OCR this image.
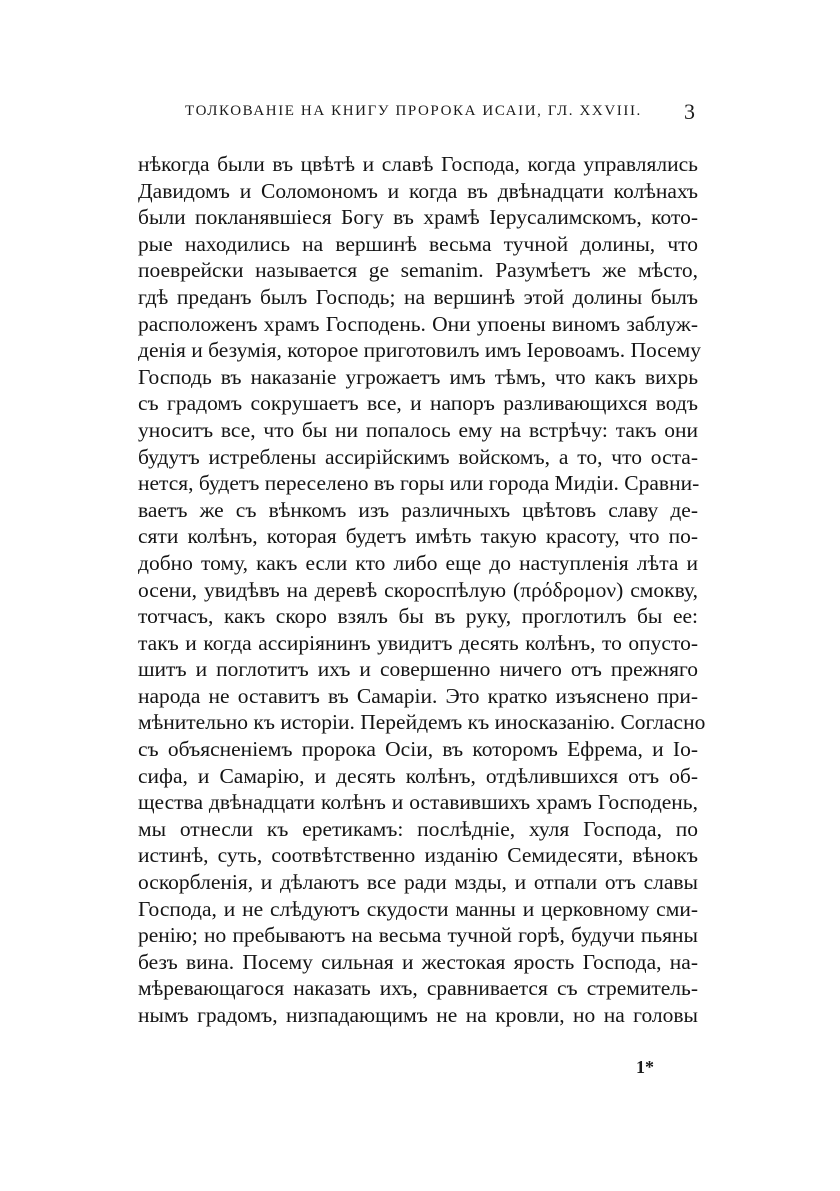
ТОЛКОВАНІЕ НА КНИГУ ПРОРОКА ИСАІИ, ГЛ. XXVIII. 3
нѣкогда были въ цвѣтѣ и славѣ Господа, когда управлялись
Давидомъ и Соломономъ и когда въ двѣнадцати колѣнахъ
были покланявшіеся Богу въ храмѣ Іерусалимскомъ, кото-
рые находились на вершинѣ весьма тучной долины, что
поеврейски называется ge semanim. Разумѣетъ же мѣсто,
гдѣ преданъ былъ Господь; на вершинѣ этой долины былъ
расположенъ храмъ Господень. Они упоены виномъ заблуж-
денія и безумія, которое приготовилъ имъ Іеровоамъ. Посему
Господь въ наказаніе угрожаетъ имъ тѣмъ, что какъ вихрь
съ градомъ сокрушаетъ все, и напоръ разливающихся водъ
уноситъ все, что бы ни попалось ему на встрѣчу: такъ они
будутъ истреблены ассирійскимъ войскомъ, а то, что оста-
нется, будетъ переселено въ горы или города Мидіи. Сравни-
ваетъ же съ вѣнкомъ изъ различныхъ цвѣтовъ славу де-
сяти колѣнъ, которая будетъ имѣть такую красоту, что по-
добно тому, какъ если кто либо еще до наступленія лѣта и
осени, увидѣвъ на деревѣ скороспѣлую (πρόδρομον) смокву,
тотчасъ, какъ скоро взялъ бы въ руку, проглотилъ бы ее:
такъ и когда ассиріянинъ увидитъ десять колѣнъ, то опусто-
шитъ и поглотитъ ихъ и совершенно ничего отъ прежняго
народа не оставитъ въ Самаріи. Это кратко изъяснено при-
мѣнительно къ исторіи. Перейдемъ къ иносказанію. Согласно
съ объясненіемъ пророка Осіи, въ которомъ Ефрема, и Іо-
сифа, и Самарію, и десять колѣнъ, отдѣлившихся отъ об-
щества двѣнадцати колѣнъ и оставившихъ храмъ Господень,
мы отнесли къ еретикамъ: послѣдніе, хуля Господа, по
истинѣ, суть, соотвѣтственно изданію Семидесяти, вѣнокъ
оскорбленія, и дѣлаютъ все ради мзды, и отпали отъ славы
Господа, и не слѣдуютъ скудости манны и церковному сми-
ренію; но пребываютъ на весьма тучной горѣ, будучи пьяны
безъ вина. Посему сильная и жестокая ярость Господа, на-
мѣревающагося наказать ихъ, сравнивается съ стремитель-
нымъ градомъ, низпадающимъ не на кровли, но на головы
1*
